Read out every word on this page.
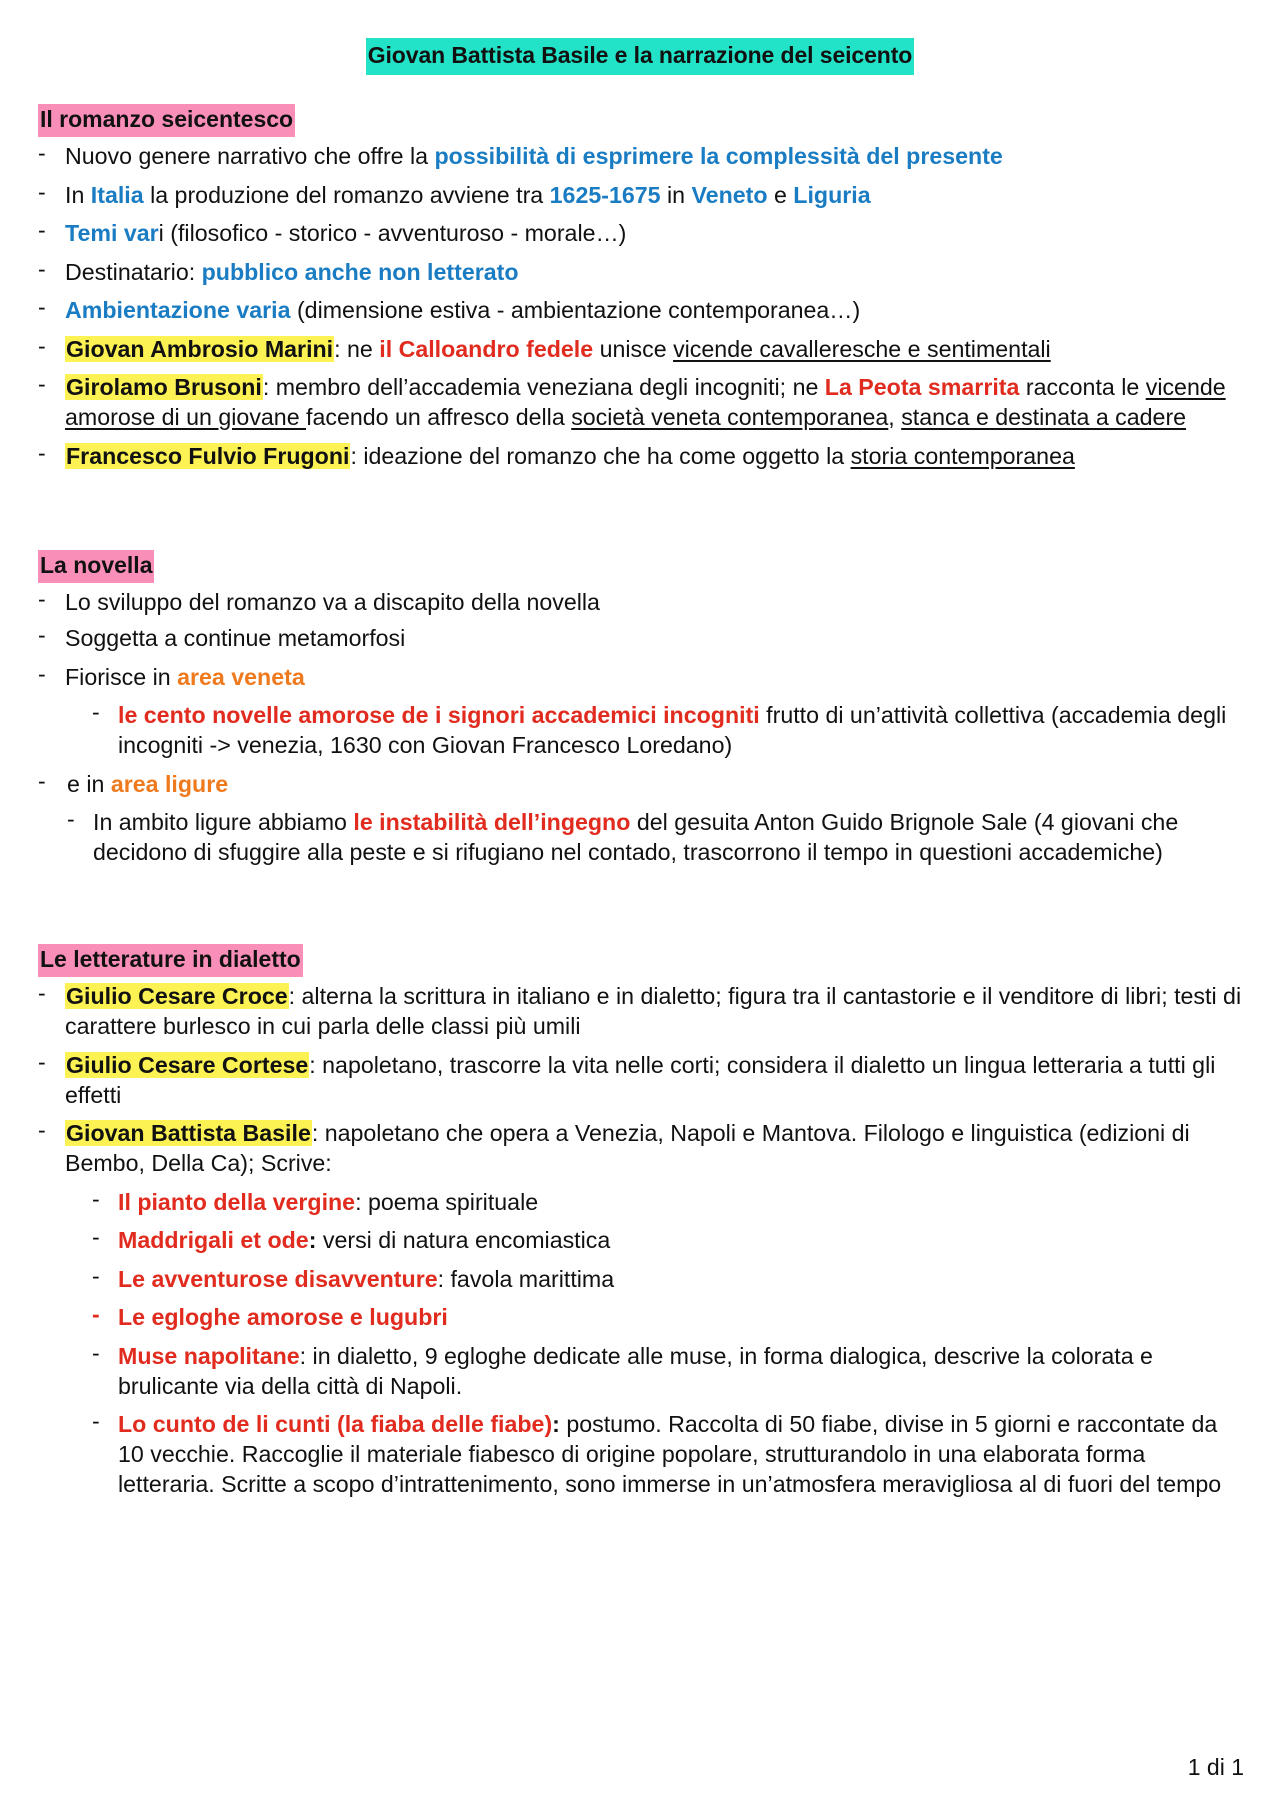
Giovan Battista Basile e la narrazione del seicento
Il romanzo seicentesco
- Nuovo genere narrativo che offre la possibilità di esprimere la complessità del presente
- In Italia la produzione del romanzo avviene tra 1625-1675 in Veneto e Liguria
- Temi vari (filosofico - storico - avventuroso - morale…)
- Destinatario: pubblico anche non letterato
- Ambientazione varia (dimensione estiva - ambientazione contemporanea…)
- Giovan Ambrosio Marini: ne il Calloandro fedele unisce vicende cavalleresche e sentimentali
- Girolamo Brusoni: membro dell’accademia veneziana degli incogniti; ne La Peota smarrita racconta le vicende amorose di un giovane facendo un affresco della società veneta contemporanea, stanca e destinata a cadere
- Francesco Fulvio Frugoni: ideazione del romanzo che ha come oggetto la storia contemporanea
La novella
- Lo sviluppo del romanzo va a discapito della novella
- Soggetta a continue metamorfosi
- Fiorisce in area veneta
- le cento novelle amorose de i signori accademici incogniti frutto di un’attività collettiva (accademia degli incogniti -> venezia, 1630 con Giovan Francesco Loredano)
- e in area ligure
- In ambito ligure abbiamo le instabilità dell’ingegno del gesuita Anton Guido Brignole Sale (4 giovani che decidono di sfuggire alla peste e si rifugiano nel contado, trascorrono il tempo in questioni accademiche)
Le letterature in dialetto
- Giulio Cesare Croce: alterna la scrittura in italiano e in dialetto; figura tra il cantastorie e il venditore di libri; testi di carattere burlesco in cui parla delle classi più umili
- Giulio Cesare Cortese: napoletano, trascorre la vita nelle corti; considera il dialetto un lingua letteraria a tutti gli effetti
- Giovan Battista Basile: napoletano che opera a Venezia, Napoli e Mantova. Filologo e linguistica (edizioni di Bembo, Della Ca); Scrive:
- Il pianto della vergine: poema spirituale
- Maddrigali et ode: versi di natura encomiastica
- Le avventurose disavventure: favola marittima
- Le egloghe amorose e lugubri
- Muse napolitane: in dialetto, 9 egloghe dedicate alle muse, in forma dialogica, descrive la colorata e brulicante via della città di Napoli.
- Lo cunto de li cunti (la fiaba delle fiabe): postumo. Raccolta di 50 fiabe, divise in 5 giorni e raccontate da 10 vecchie. Raccoglie il materiale fiabesco di origine popolare, strutturandolo in una elaborata forma letteraria. Scritte a scopo d’intrattenimento, sono immerse in un’atmosfera meravigliosa al di fuori del tempo
1 di 1
